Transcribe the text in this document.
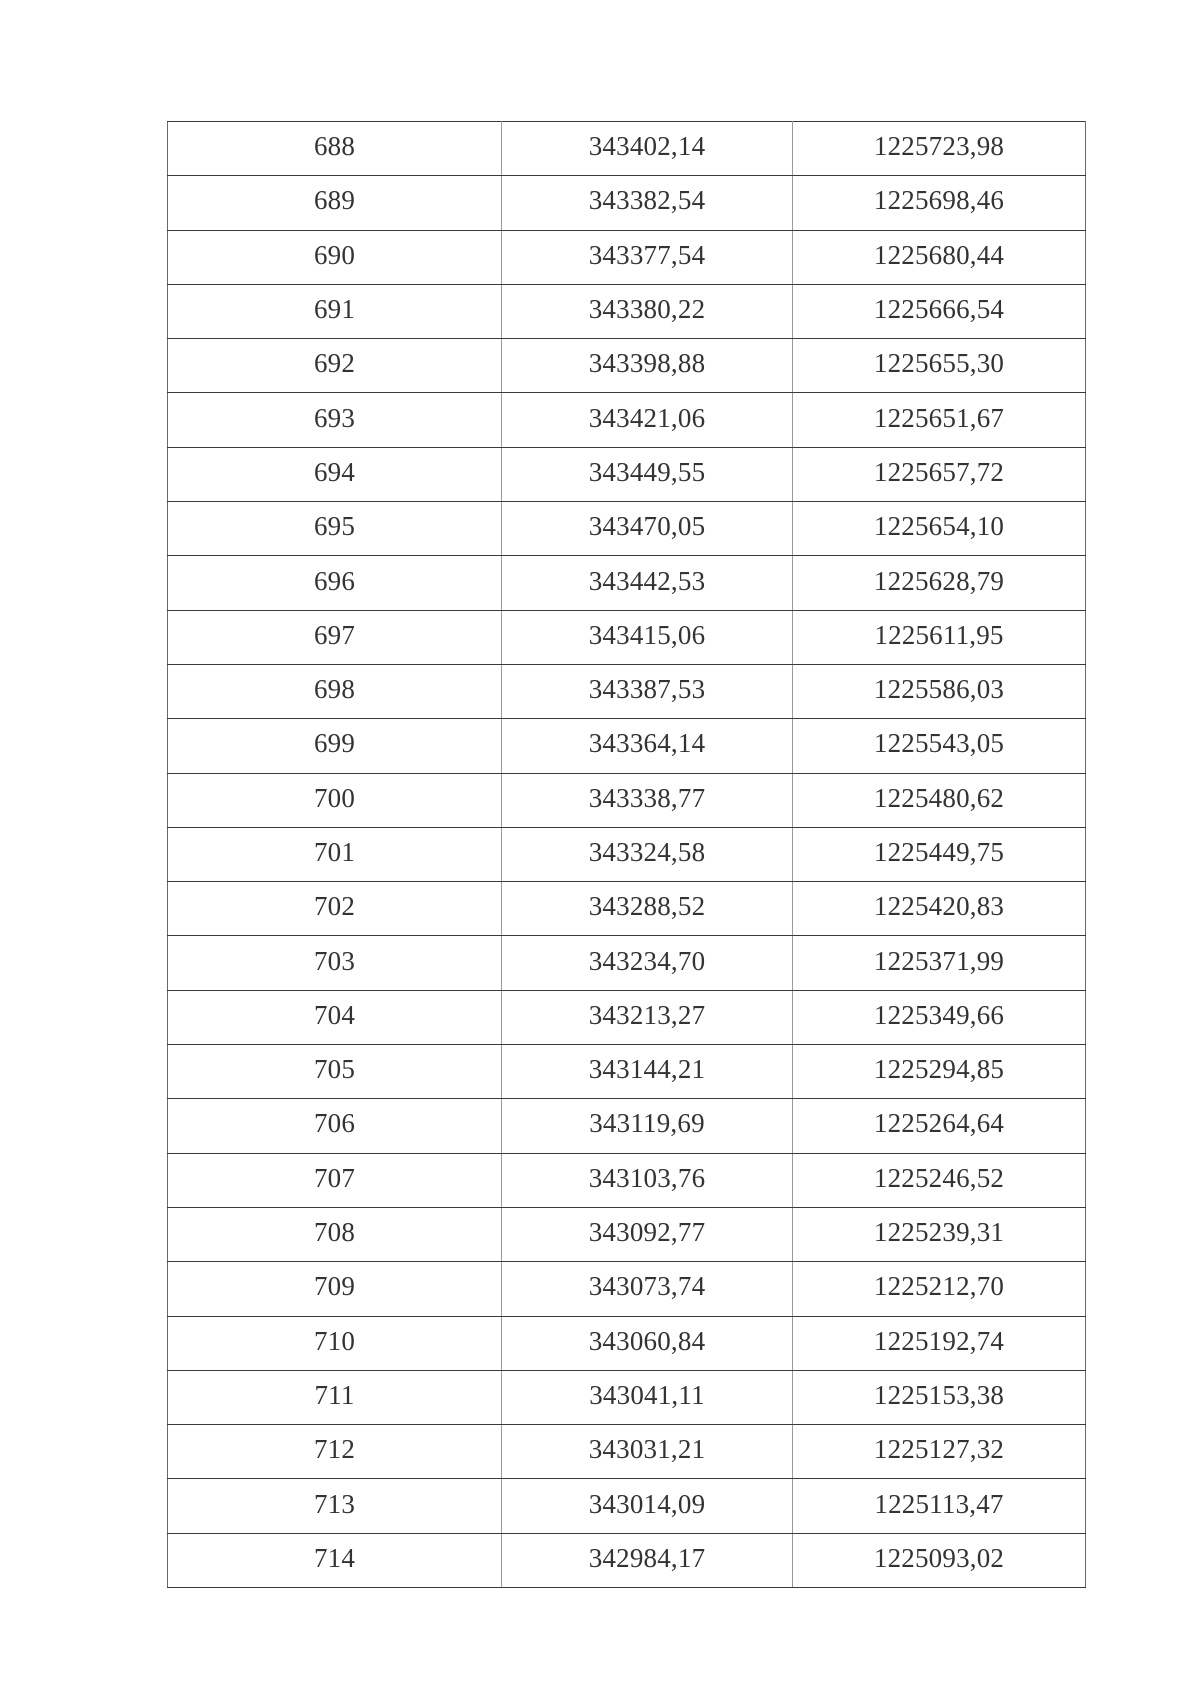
688	343402,14	1225723,98
689	343382,54	1225698,46
690	343377,54	1225680,44
691	343380,22	1225666,54
692	343398,88	1225655,30
693	343421,06	1225651,67
694	343449,55	1225657,72
695	343470,05	1225654,10
696	343442,53	1225628,79
697	343415,06	1225611,95
698	343387,53	1225586,03
699	343364,14	1225543,05
700	343338,77	1225480,62
701	343324,58	1225449,75
702	343288,52	1225420,83
703	343234,70	1225371,99
704	343213,27	1225349,66
705	343144,21	1225294,85
706	343119,69	1225264,64
707	343103,76	1225246,52
708	343092,77	1225239,31
709	343073,74	1225212,70
710	343060,84	1225192,74
711	343041,11	1225153,38
712	343031,21	1225127,32
713	343014,09	1225113,47
714	342984,17	1225093,02
